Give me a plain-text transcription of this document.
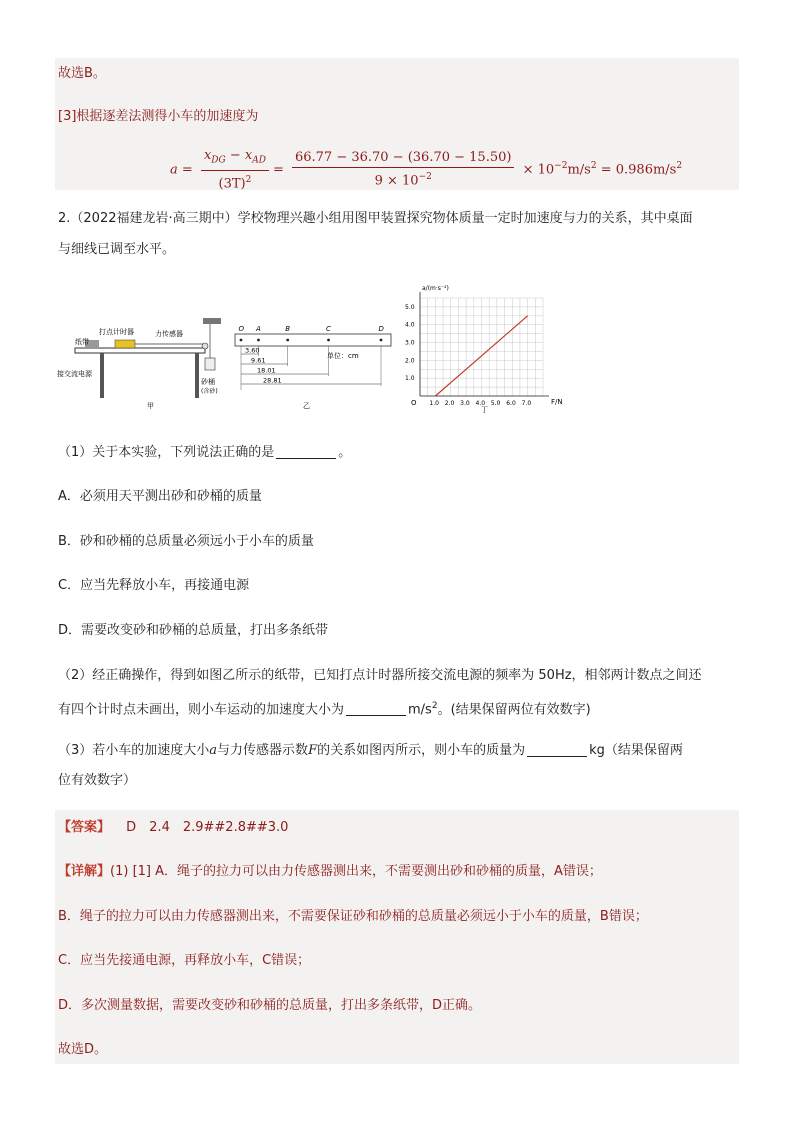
故选B。
[3]根据逐差法测得小车的加速度为
$a = \frac{x_{DG} - x_{AD}}{(3T)^2} = \frac{66.77 - 36.70 - (36.70 - 15.50)}{9 \times 10^{-2}} \times 10^{-2}m/s^2 = 0.986m/s^2$
2.（2022福建龙岩·高三期中）学校物理兴趣小组用图甲装置探究物体质量一定时加速度与力的关系，其中桌面
与细线已调至水平。
打点计时器	力传感器
纸带
接交流电源
砂桶
(含砂)
甲
O A	B	C	D
3.60
9.61
18.01
28.81
单位：cm
乙
a/(m·s⁻²)
F/N
O
丁
1.0 2.0 3.0 4.0 5.0 6.0 7.0
1.0
2.0
3.0
4.0
5.0
（1）关于本实验，下列说法正确的是	。
A．必须用天平测出砂和砂桶的质量
B．砂和砂桶的总质量必须远小于小车的质量
C．应当先释放小车，再接通电源
D．需要改变砂和砂桶的总质量，打出多条纸带
（2）经正确操作，得到如图乙所示的纸带，已知打点计时器所接交流电源的频率为 50Hz，相邻两计数点之间还
有四个计时点未画出，则小车运动的加速度大小为	$m/s^2$。(结果保留两位有效数字)
（3）若小车的加速度大小a与力传感器示数F的关系如图丙所示，则小车的质量为	kg（结果保留两
位有效数字）
【答案】 D　2.4　2.9##2.8##3.0
【详解】(1) [1] A．绳子的拉力可以由力传感器测出来，不需要测出砂和砂桶的质量，A错误；
B．绳子的拉力可以由力传感器测出来，不需要保证砂和砂桶的总质量必须远小于小车的质量，B错误；
C．应当先接通电源，再释放小车，C错误；
D．多次测量数据，需要改变砂和砂桶的总质量，打出多条纸带，D正确。
故选D。
